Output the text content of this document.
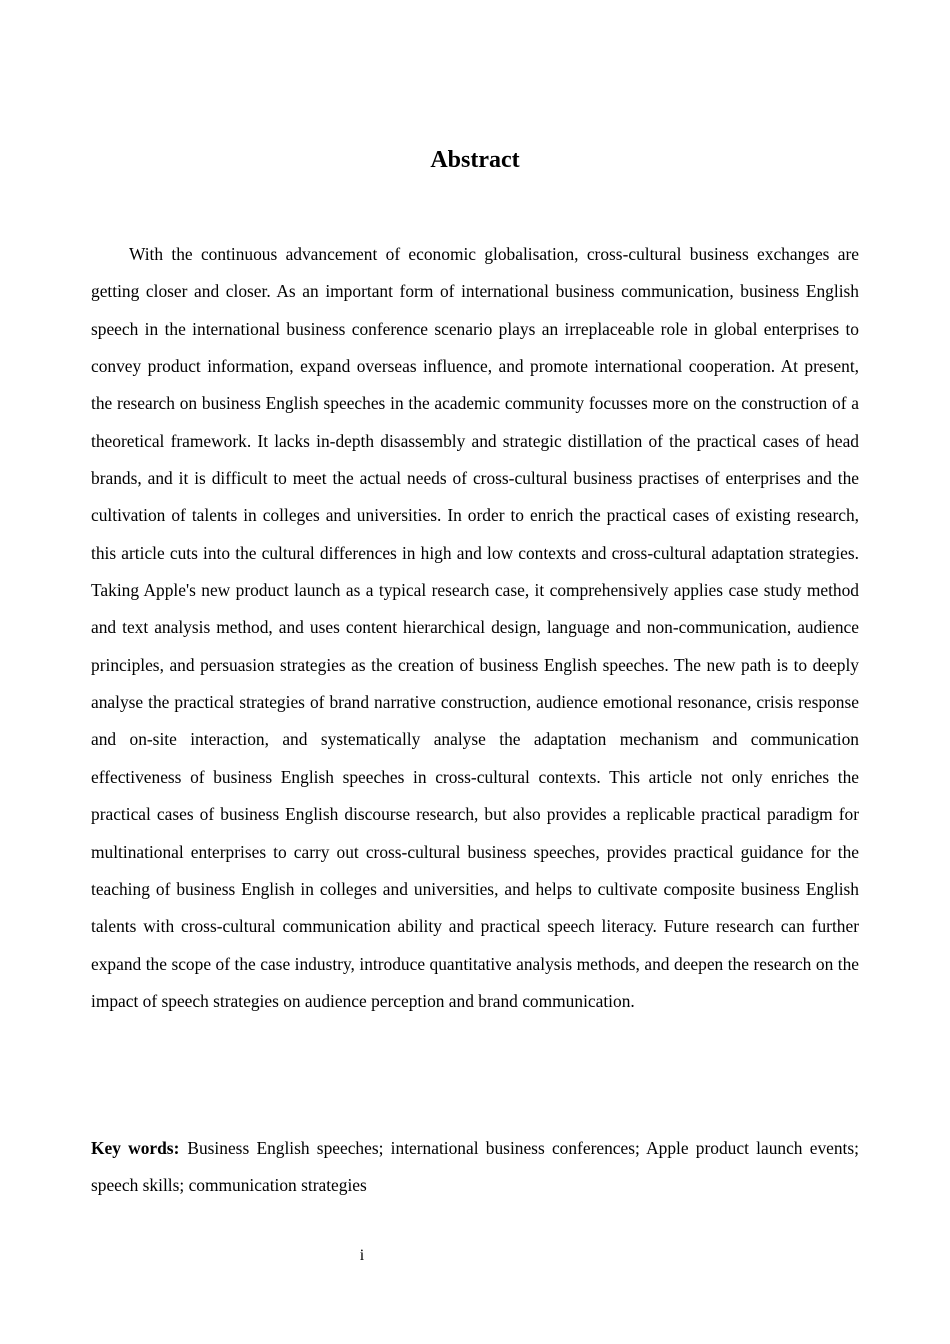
Abstract

With the continuous advancement of economic globalisation, cross-cultural business exchanges are getting closer and closer. As an important form of international business communication, business English speech in the international business conference scenario plays an irreplaceable role in global enterprises to convey product information, expand overseas influence, and promote international cooperation. At present, the research on business English speeches in the academic community focusses more on the construction of a theoretical framework. It lacks in-depth disassembly and strategic distillation of the practical cases of head brands, and it is difficult to meet the actual needs of cross-cultural business practises of enterprises and the cultivation of talents in colleges and universities. In order to enrich the practical cases of existing research, this article cuts into the cultural differences in high and low contexts and cross-cultural adaptation strategies. Taking Apple's new product launch as a typical research case, it comprehensively applies case study method and text analysis method, and uses content hierarchical design, language and non-communication, audience principles, and persuasion strategies as the creation of business English speeches. The new path is to deeply analyse the practical strategies of brand narrative construction, audience emotional resonance, crisis response and on-site interaction, and systematically analyse the adaptation mechanism and communication effectiveness of business English speeches in cross-cultural contexts. This article not only enriches the practical cases of business English discourse research, but also provides a replicable practical paradigm for multinational enterprises to carry out cross-cultural business speeches, provides practical guidance for the teaching of business English in colleges and universities, and helps to cultivate composite business English talents with cross-cultural communication ability and practical speech literacy. Future research can further expand the scope of the case industry, introduce quantitative analysis methods, and deepen the research on the impact of speech strategies on audience perception and brand communication.

Key words: Business English speeches; international business conferences; Apple product launch events; speech skills; communication strategies

i
